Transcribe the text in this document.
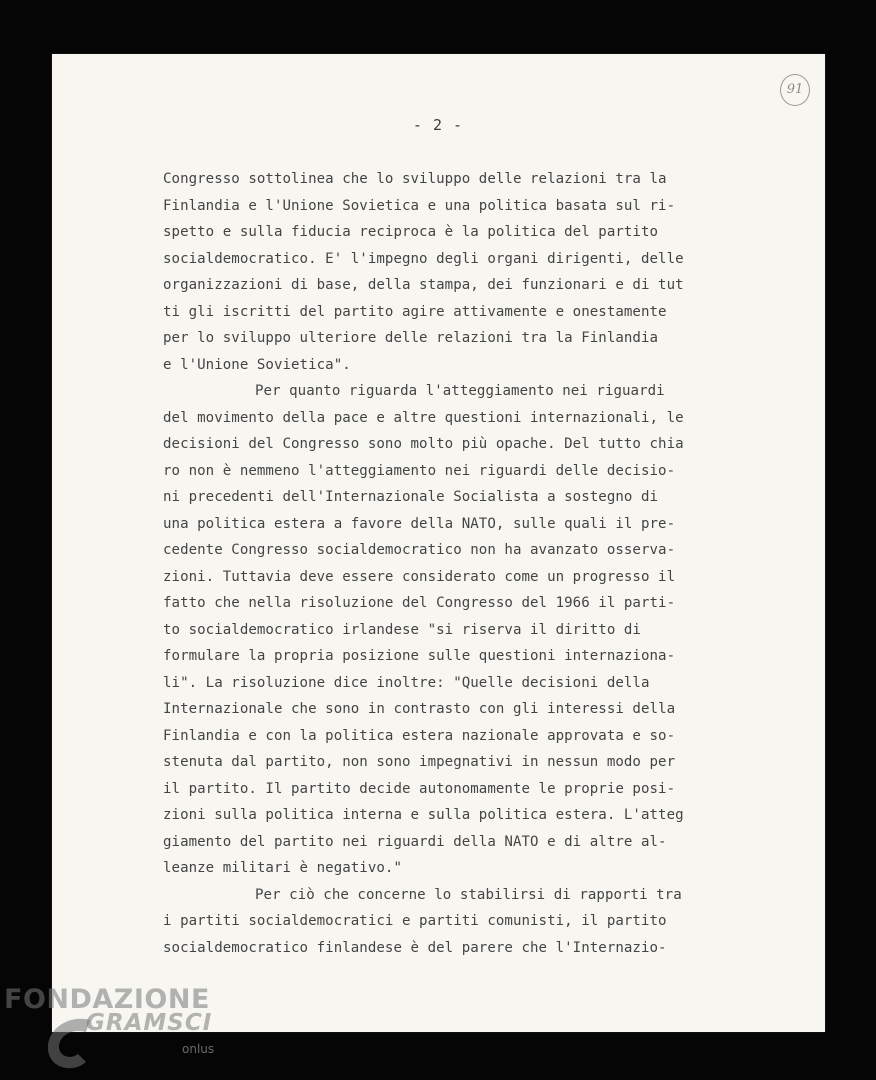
91
- 2 -
Congresso sottolinea che lo sviluppo delle relazioni tra la
Finlandia e l'Unione Sovietica e una politica basata sul ri-
spetto e sulla fiducia reciproca è la politica del partito
socialdemocratico. E' l'impegno degli organi dirigenti, delle
organizzazioni di base, della stampa, dei funzionari e di tut
ti gli iscritti del partito agire attivamente e onestamente
per lo sviluppo ulteriore delle relazioni tra la Finlandia
e l'Unione Sovietica".
Per quanto riguarda l'atteggiamento nei riguardi
del movimento della pace e altre questioni internazionali, le
decisioni del Congresso sono molto più opache. Del tutto chia
ro non è nemmeno l'atteggiamento nei riguardi delle decisio-
ni precedenti dell'Internazionale Socialista a sostegno di
una politica estera a favore della NATO, sulle quali il pre-
cedente Congresso socialdemocratico non ha avanzato osserva-
zioni. Tuttavia deve essere considerato come un progresso il
fatto che nella risoluzione del Congresso del 1966 il parti-
to socialdemocratico irlandese "si riserva il diritto di
formulare la propria posizione sulle questioni internaziona-
li". La risoluzione dice inoltre: "Quelle decisioni della
Internazionale che sono in contrasto con gli interessi della
Finlandia e con la politica estera nazionale approvata e so-
stenuta dal partito, non sono impegnativi in nessun modo per
il partito. Il partito decide autonomamente le proprie posi-
zioni sulla politica interna e sulla politica estera. L'atteg
giamento del partito nei riguardi della NATO e di altre al-
leanze militari è negativo."
Per ciò che concerne lo stabilirsi di rapporti tra
i partiti socialdemocratici e partiti comunisti, il partito
socialdemocratico finlandese è del parere che l'Internazio-
FONDAZIONE
GRAMSCI
onlus
